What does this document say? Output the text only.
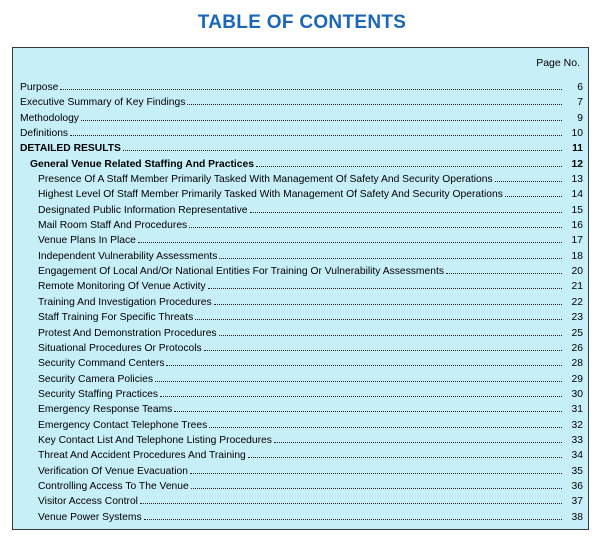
TABLE OF CONTENTS
Page No.
Purpose	6
Executive Summary of Key Findings	7
Methodology	9
Definitions	10
DETAILED RESULTS	11
General Venue Related Staffing And Practices	12
Presence Of A Staff Member Primarily Tasked With Management Of Safety And Security Operations	13
Highest Level Of Staff Member Primarily Tasked With Management Of Safety And Security Operations	14
Designated Public Information Representative	15
Mail Room Staff And Procedures	16
Venue Plans In Place	17
Independent Vulnerability Assessments	18
Engagement Of Local And/Or National Entities For Training Or Vulnerability Assessments	20
Remote Monitoring Of Venue Activity	21
Training And Investigation Procedures	22
Staff Training For Specific Threats	23
Protest And Demonstration Procedures	25
Situational Procedures Or Protocols	26
Security Command Centers	28
Security Camera Policies	29
Security Staffing Practices	30
Emergency Response Teams	31
Emergency Contact Telephone Trees	32
Key Contact List And Telephone Listing Procedures	33
Threat And Accident Procedures And Training	34
Verification Of Venue Evacuation	35
Controlling Access To The Venue	36
Visitor Access Control	37
Venue Power Systems	38
